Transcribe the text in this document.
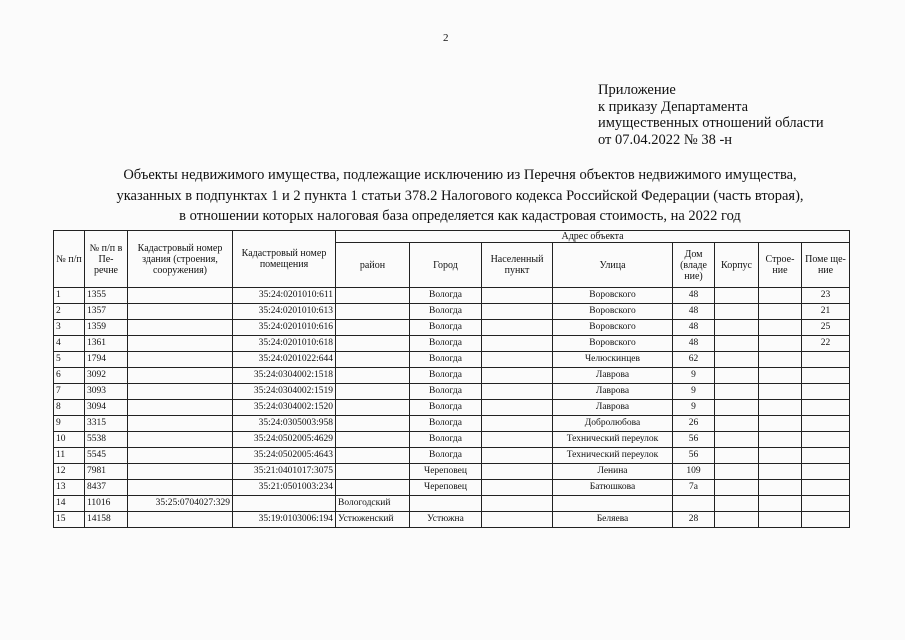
2
Приложение
к приказу Департамента
имущественных отношений области
от 07.04.2022 № 38 -н
Объекты недвижимого имущества, подлежащие исключению из Перечня объектов недвижимого имущества,
указанных в подпунктах 1 и 2 пункта 1 статьи 378.2 Налогового кодекса Российской Федерации (часть вторая),
в отношении которых налоговая база определяется как кадастровая стоимость, на 2022 год
№ п/п	№ п/п в Пе- речне	Кадастровый номер здания (строения, сооружения)	Кадастровый номер помещения	Адрес объекта							
				район	Город	Населенный пункт	Улица	Дом (владе ние)	Корпус	Строе- ние	Поме ще- ние
1	1355		35:24:0201010:611		Вологда		Воровского	48			23
2	1357		35:24:0201010:613		Вологда		Воровского	48			21
3	1359		35:24:0201010:616		Вологда		Воровского	48			25
4	1361		35:24:0201010:618		Вологда		Воровского	48			22
5	1794		35:24:0201022:644		Вологда		Челюскинцев	62			
6	3092		35:24:0304002:1518		Вологда		Лаврова	9			
7	3093		35:24:0304002:1519		Вологда		Лаврова	9			
8	3094		35:24:0304002:1520		Вологда		Лаврова	9			
9	3315		35:24:0305003:958		Вологда		Добролюбова	26			
10	5538		35:24:0502005:4629		Вологда		Технический переулок	56			
11	5545		35:24:0502005:4643		Вологда		Технический переулок	56			
12	7981		35:21:0401017:3075		Череповец		Ленина	109			
13	8437		35:21:0501003:234		Череповец		Батюшкова	7а			
14	11016	35:25:0704027:329		Вологодский							
15	14158		35:19:0103006:194	Устюженский	Устюжна		Беляева	28			
